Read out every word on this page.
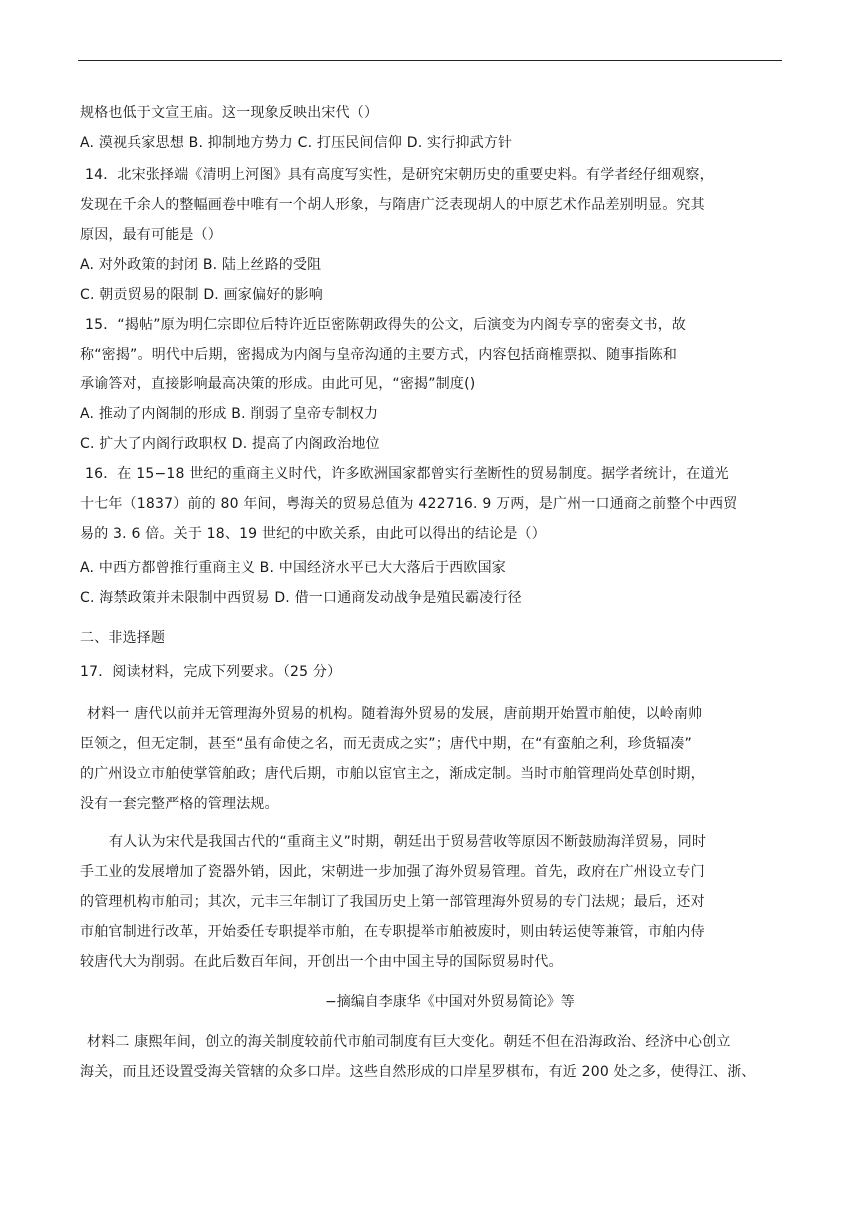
规格也低于文宣王庙。这一现象反映出宋代（）
A. 漠视兵家思想 B. 抑制地方势力 C. 打压民间信仰 D. 实行抑武方针
14．北宋张择端《清明上河图》具有高度写实性，是研究宋朝历史的重要史料。有学者经仔细观察，
发现在千余人的整幅画卷中唯有一个胡人形象，与隋唐广泛表现胡人的中原艺术作品差别明显。究其
原因，最有可能是（）
A. 对外政策的封闭 B. 陆上丝路的受阻
C. 朝贡贸易的限制 D. 画家偏好的影响
15．“揭帖”原为明仁宗即位后特许近臣密陈朝政得失的公文，后演变为内阁专享的密奏文书，故
称“密揭”。明代中后期，密揭成为内阁与皇帝沟通的主要方式，内容包括商榷票拟、随事指陈和
承谕答对，直接影响最高决策的形成。由此可见，“密揭”制度()
A. 推动了内阁制的形成 B. 削弱了皇帝专制权力
C. 扩大了内阁行政职权 D. 提高了内阁政治地位
16．在 15−18 世纪的重商主义时代，许多欧洲国家都曾实行垄断性的贸易制度。据学者统计，在道光
十七年（1837）前的 80 年间，粤海关的贸易总值为 422716. 9 万两，是广州一口通商之前整个中西贸
易的 3. 6 倍。关于 18、19 世纪的中欧关系，由此可以得出的结论是（）
A. 中西方都曾推行重商主义 B. 中国经济水平已大大落后于西欧国家
C. 海禁政策并未限制中西贸易 D. 借一口通商发动战争是殖民霸凌行径
二、非选择题
17．阅读材料，完成下列要求。（25 分）
材料一 唐代以前并无管理海外贸易的机构。随着海外贸易的发展，唐前期开始置市舶使，以岭南帅
臣领之，但无定制，甚至“虽有命使之名，而无责成之实”；唐代中期，在“有蛮舶之利，珍货辐凑”
的广州设立市舶使掌管舶政；唐代后期，市舶以宦官主之，渐成定制。当时市舶管理尚处草创时期，
没有一套完整严格的管理法规。
有人认为宋代是我国古代的“重商主义”时期，朝廷出于贸易营收等原因不断鼓励海洋贸易，同时
手工业的发展增加了瓷器外销，因此，宋朝进一步加强了海外贸易管理。首先，政府在广州设立专门
的管理机构市舶司；其次，元丰三年制订了我国历史上第一部管理海外贸易的专门法规；最后，还对
市舶官制进行改革，开始委任专职提举市舶，在专职提举市舶被废时，则由转运使等兼管，市舶内侍
较唐代大为削弱。在此后数百年间，开创出一个由中国主导的国际贸易时代。
−摘编自李康华《中国对外贸易简论》等
材料二 康熙年间，创立的海关制度较前代市舶司制度有巨大变化。朝廷不但在沿海政治、经济中心创立
海关，而且还设置受海关管辖的众多口岸。这些自然形成的口岸星罗棋布，有近 200 处之多，使得江、浙、
